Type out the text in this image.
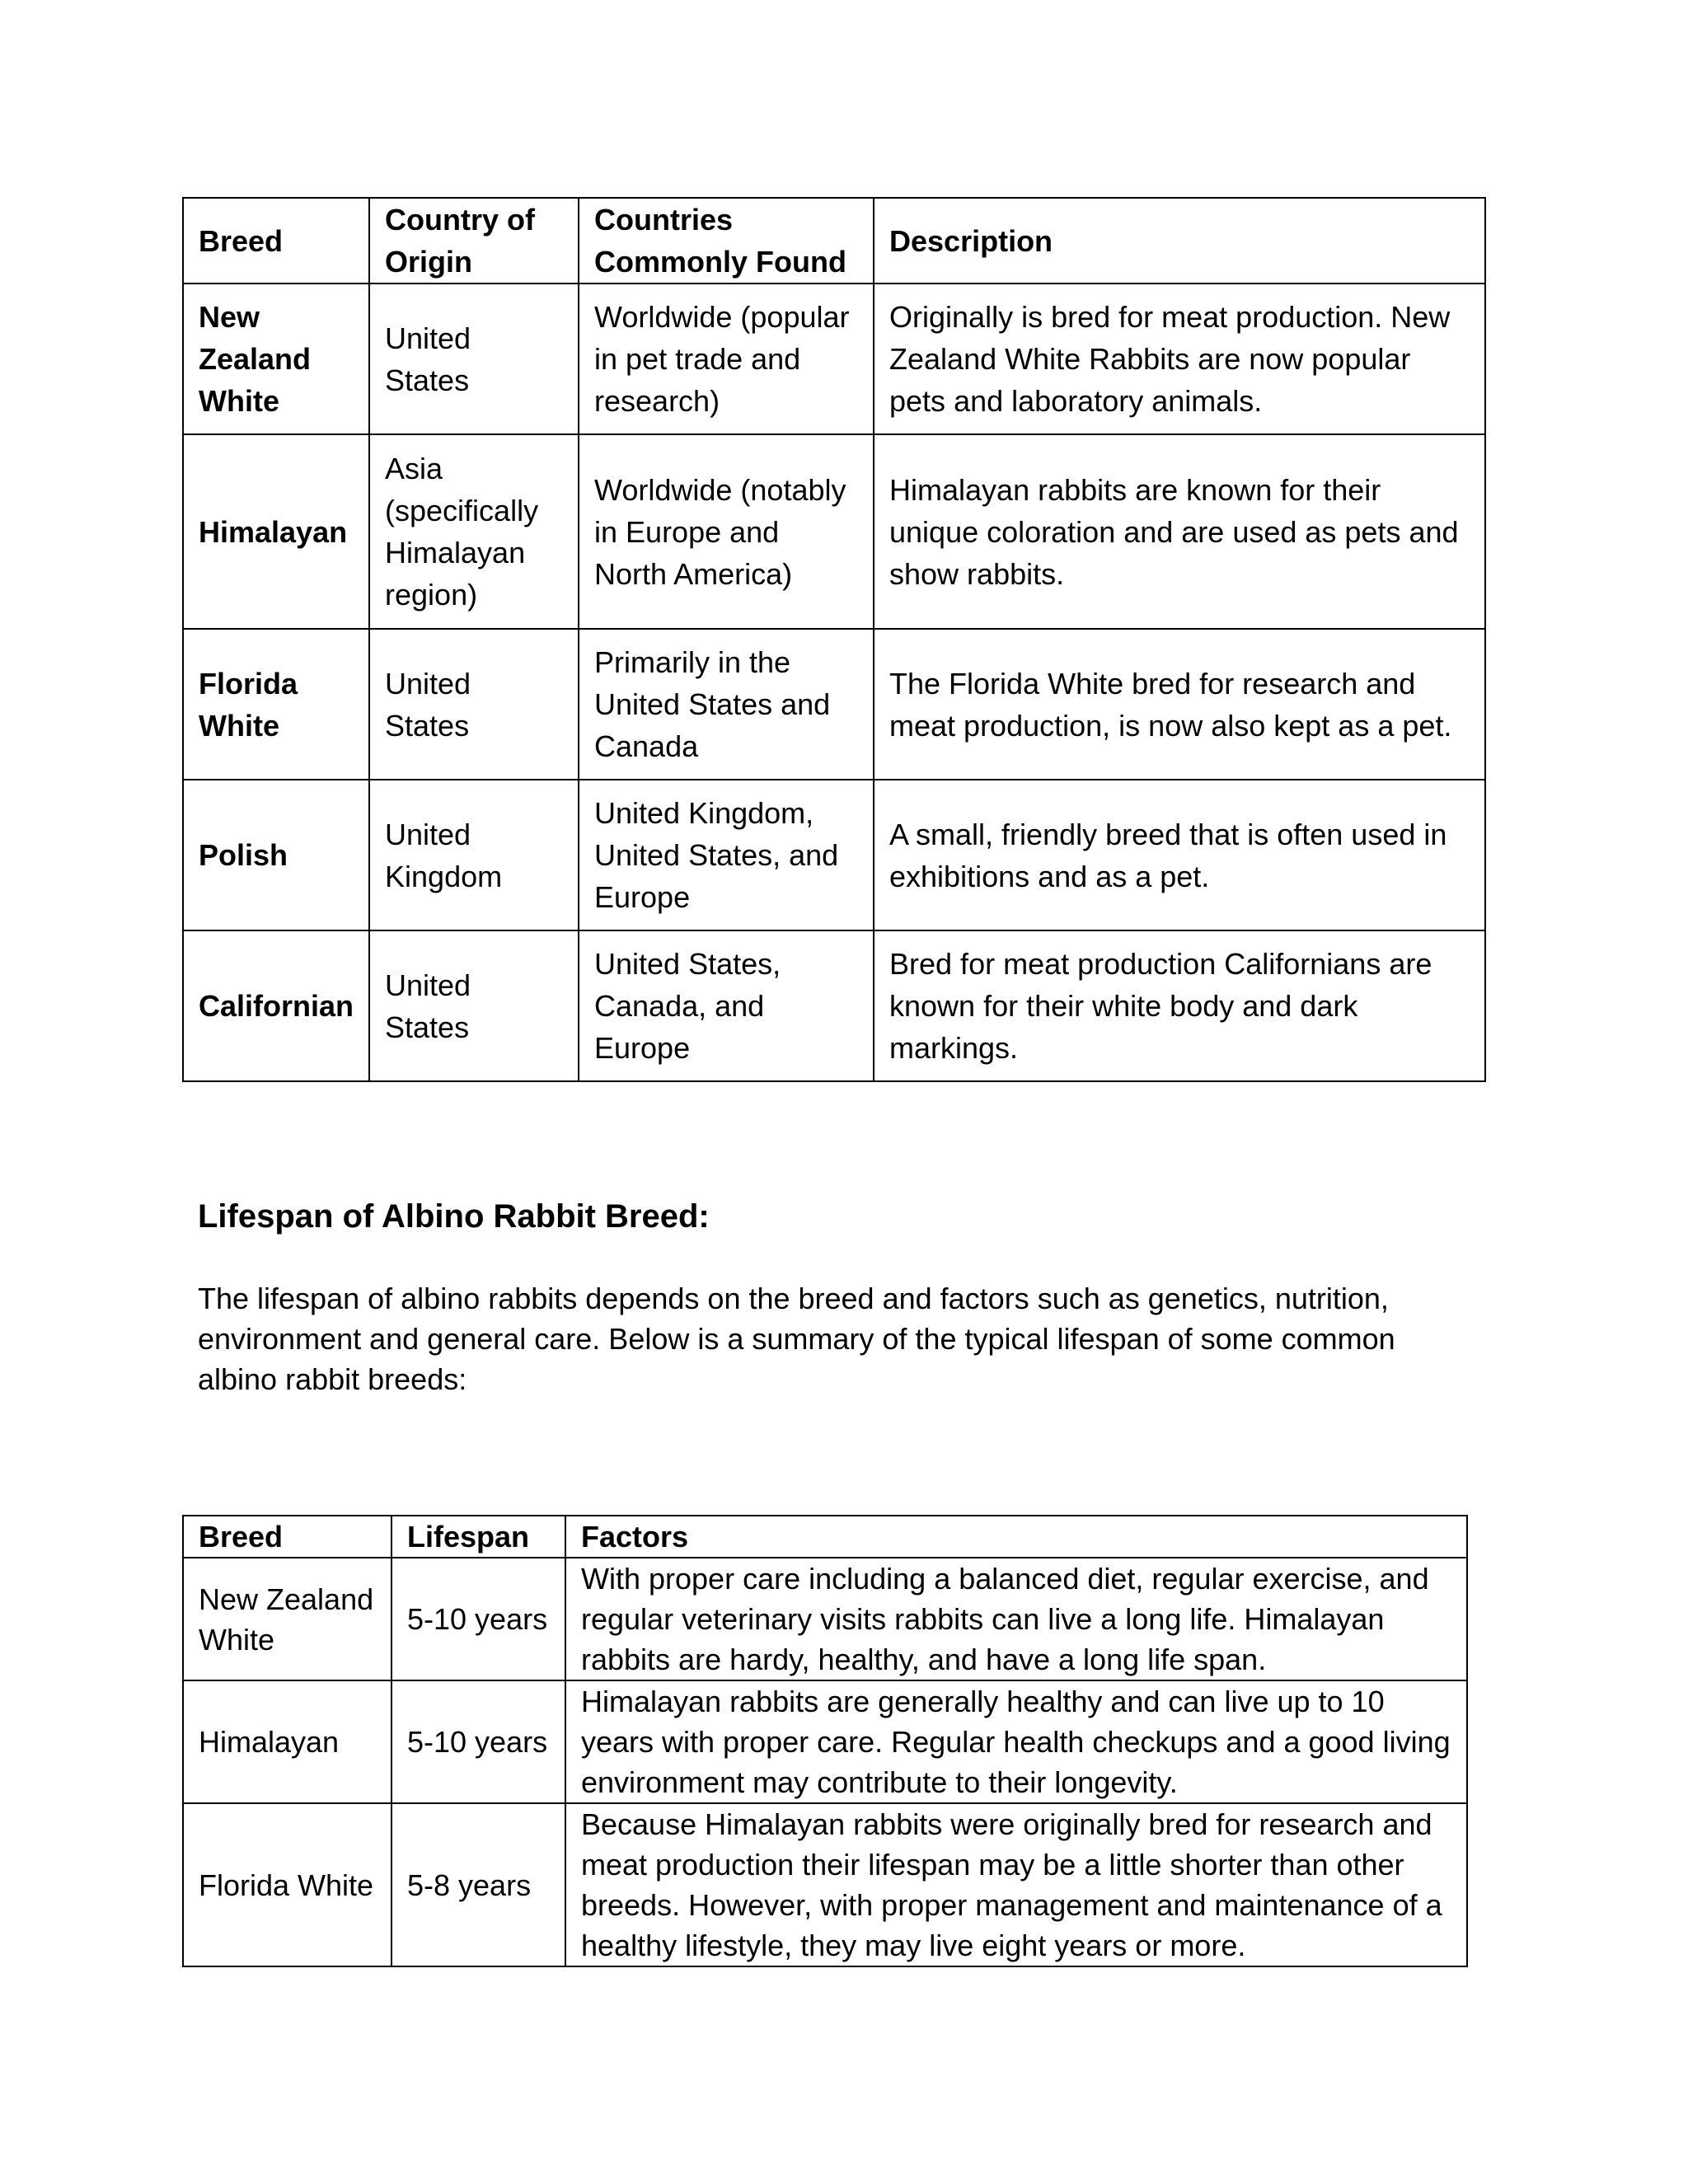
Breed	Country of Origin	Countries Commonly Found	Description
New Zealand White	United States	Worldwide (popular in pet trade and research)	Originally is bred for meat production. New Zealand White Rabbits are now popular pets and laboratory animals.
Himalayan	Asia (specifically Himalayan region)	Worldwide (notably in Europe and North America)	Himalayan rabbits are known for their unique coloration and are used as pets and show rabbits.
Florida White	United States	Primarily in the United States and Canada	The Florida White bred for research and meat production, is now also kept as a pet.
Polish	United Kingdom	United Kingdom, United States, and Europe	A small, friendly breed that is often used in exhibitions and as a pet.
Californian	United States	United States, Canada, and Europe	Bred for meat production Californians are known for their white body and dark markings.
Lifespan of Albino Rabbit Breed:

The lifespan of albino rabbits depends on the breed and factors such as genetics, nutrition, environment and general care. Below is a summary of the typical lifespan of some common albino rabbit breeds:

Breed	Lifespan	Factors
New Zealand White	5-10 years	With proper care including a balanced diet, regular exercise, and regular veterinary visits rabbits can live a long life. Himalayan rabbits are hardy, healthy, and have a long life span.
Himalayan	5-10 years	Himalayan rabbits are generally healthy and can live up to 10 years with proper care. Regular health checkups and a good living environment may contribute to their longevity.
Florida White	5-8 years	Because Himalayan rabbits were originally bred for research and meat production their lifespan may be a little shorter than other breeds. However, with proper management and maintenance of a healthy lifestyle, they may live eight years or more.
